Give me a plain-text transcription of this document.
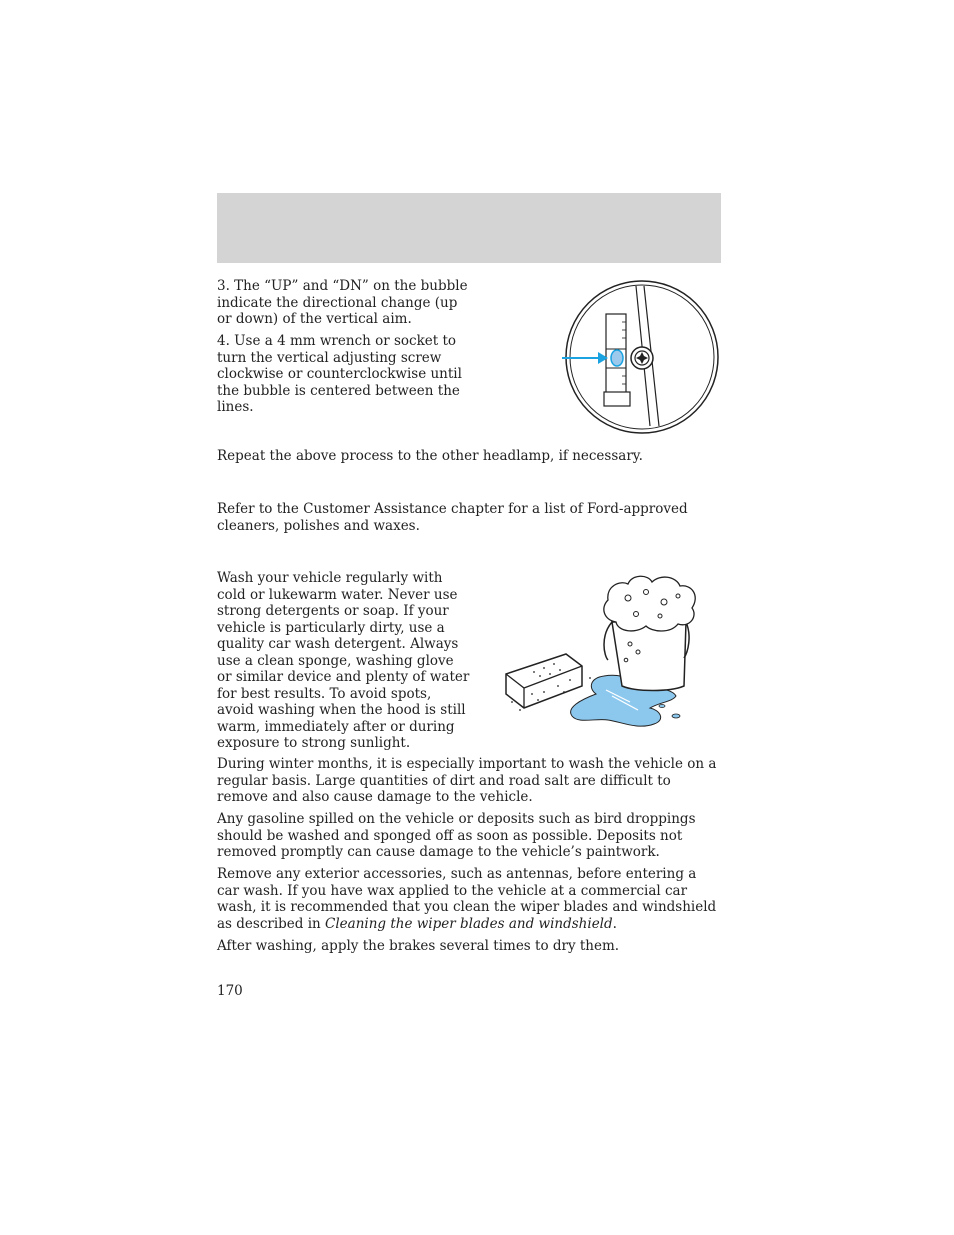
3. The “UP” and “DN” on the bubble indicate the directional change (up or down) of the vertical aim.

4. Use a 4 mm wrench or socket to turn the vertical adjusting screw clockwise or counterclockwise until the bubble is centered between the lines.

Repeat the above process to the other headlamp, if necessary.

Refer to the Customer Assistance chapter for a list of Ford-approved cleaners, polishes and waxes.

Wash your vehicle regularly with cold or lukewarm water. Never use strong detergents or soap. If your vehicle is particularly dirty, use a quality car wash detergent. Always use a clean sponge, washing glove or similar device and plenty of water for best results. To avoid spots, avoid washing when the hood is still warm, immediately after or during exposure to strong sunlight.

During winter months, it is especially important to wash the vehicle on a regular basis. Large quantities of dirt and road salt are difficult to remove and also cause damage to the vehicle.

Any gasoline spilled on the vehicle or deposits such as bird droppings should be washed and sponged off as soon as possible. Deposits not removed promptly can cause damage to the vehicle’s paintwork.

Remove any exterior accessories, such as antennas, before entering a car wash. If you have wax applied to the vehicle at a commercial car wash, it is recommended that you clean the wiper blades and windshield as described in Cleaning the wiper blades and windshield.

After washing, apply the brakes several times to dry them.

170
